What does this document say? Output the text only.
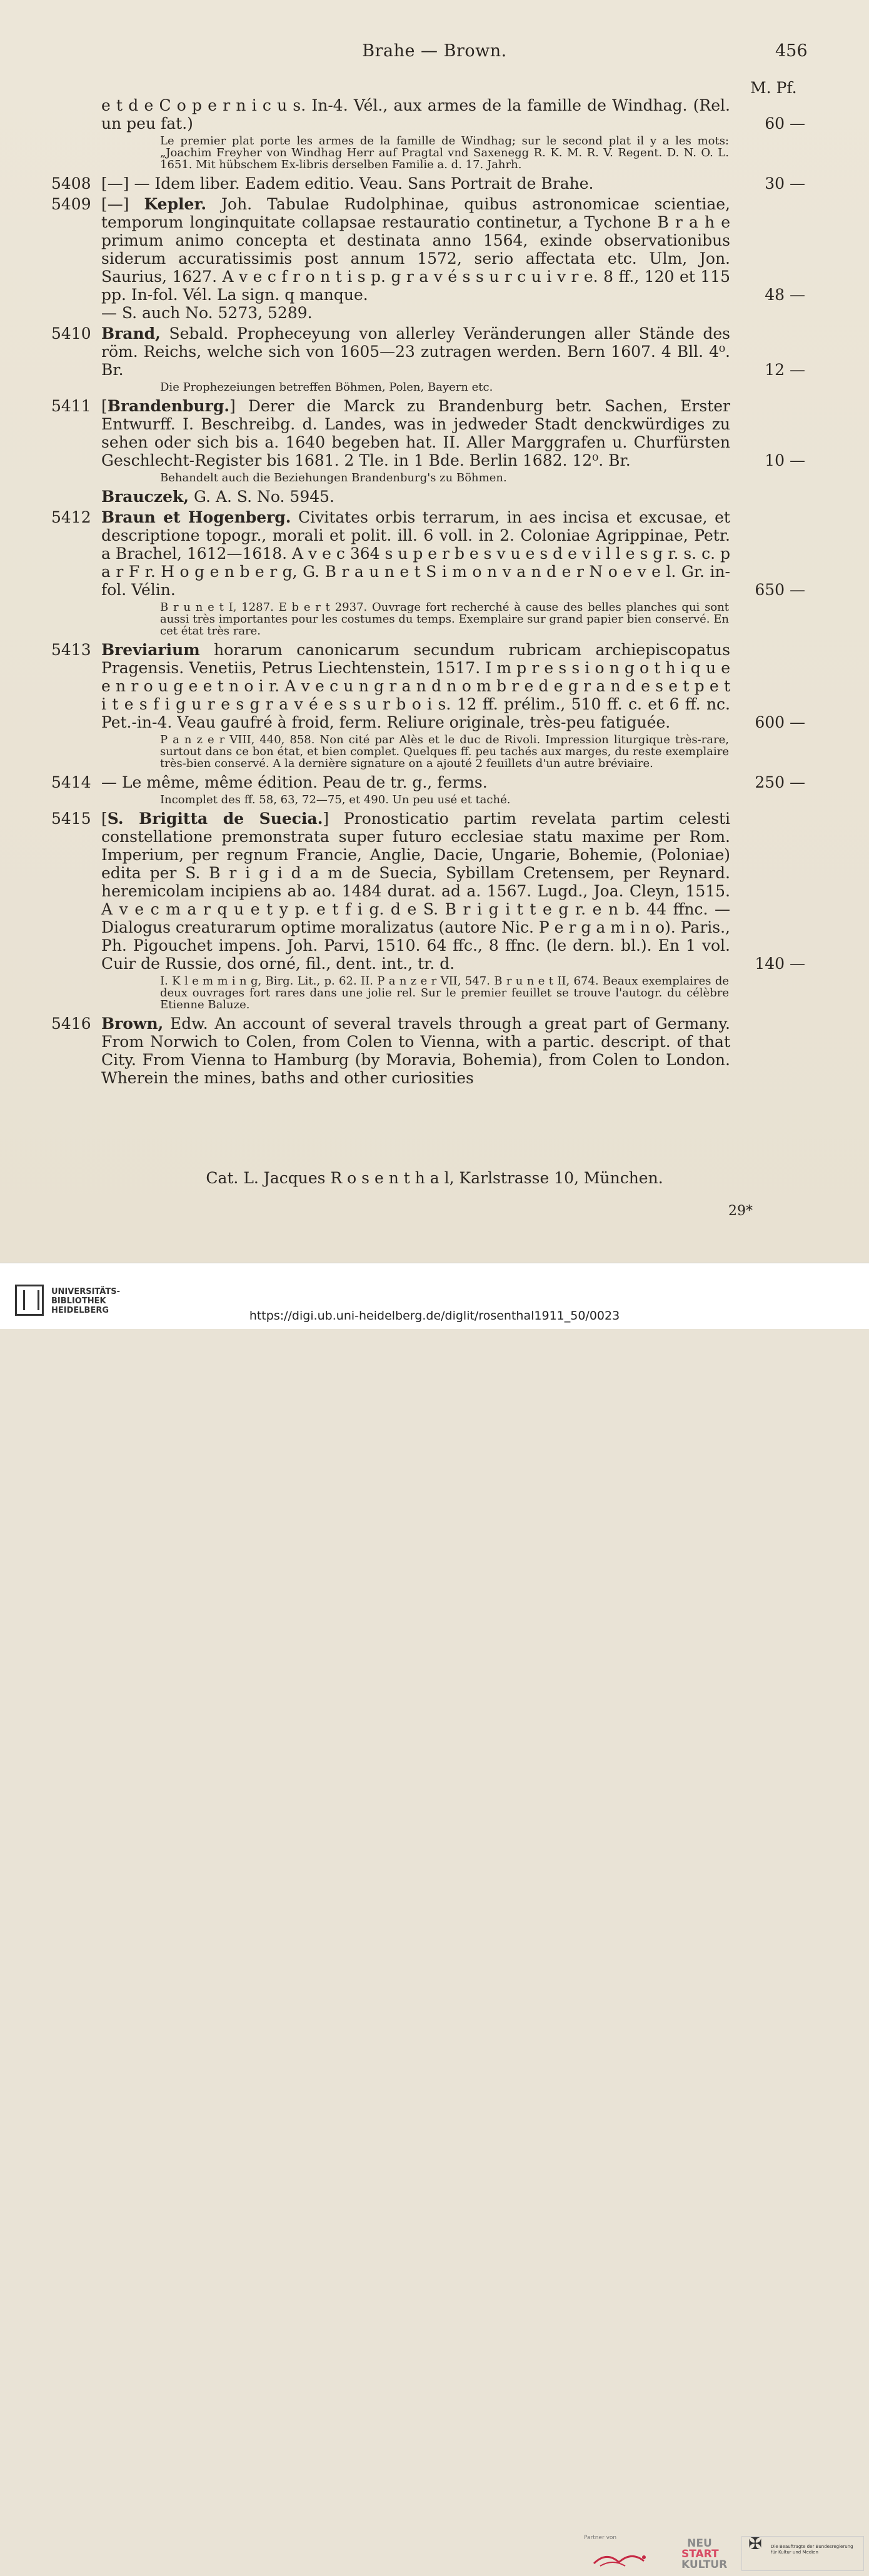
Brahe — Brown.	456
M. Pf.
e t d e C o p e r n i c u s. In-4. Vél., aux armes de la famille de Windhag. (Rel. un peu fat.)	60 —
Le premier plat porte les armes de la famille de Windhag; sur le second plat il y a les mots: „Joachim Freyher von Windhag Herr auf Pragtal vnd Saxenegg R. K. M. R. V. Regent. D. N. O. L. 1651. Mit hübschem Ex-libris derselben Familie a. d. 17. Jahrh.
5408 [—] — Idem liber. Eadem editio. Veau. Sans Portrait de Brahe.	30 —
5409 [—] Kepler. Joh. Tabulae Rudolphinae, quibus astronomicae scientiae, temporum longinquitate collapsae restauratio continetur, a Tychone B r a h e primum animo concepta et destinata anno 1564, exinde observationibus siderum accuratissimis post annum 1572, serio affectata etc. Ulm, Jon. Saurius, 1627. A v e c f r o n t i s p. g r a v é s s u r c u i v r e. 8 ff., 120 et 115 pp. In-fol. Vél. La sign. q manque.	48 —
— S. auch No. 5273, 5289.
5410 Brand, Sebald. Propheceyung von allerley Veränderungen aller Stände des röm. Reichs, welche sich von 1605—23 zutragen werden. Bern 1607. 4 Bll. 4⁰. Br.	12 —
Die Prophezeiungen betreffen Böhmen, Polen, Bayern etc.
5411 [Brandenburg.] Derer die Marck zu Brandenburg betr. Sachen, Erster Entwurff. I. Beschreibg. d. Landes, was in jedweder Stadt denckwürdiges zu sehen oder sich bis a. 1640 begeben hat. II. Aller Marggrafen u. Churfürsten Geschlecht-Register bis 1681. 2 Tle. in 1 Bde. Berlin 1682. 12⁰. Br.	10 —
Behandelt auch die Beziehungen Brandenburg's zu Böhmen.
Brauczek, G. A. S. No. 5945.
5412 Braun et Hogenberg. Civitates orbis terrarum, in aes incisa et excusae, et descriptione topogr., morali et polit. ill. 6 voll. in 2. Coloniae Agrippinae, Petr. a Brachel, 1612—1618. A v e c 364 s u p e r b e s v u e s d e v i l l e s g r. s. c. p a r F r. H o g e n b e r g, G. B r a u n e t S i m o n v a n d e r N o e v e l. Gr. in-fol. Vélin.	650 —
B r u n e t I, 1287. E b e r t 2937. Ouvrage fort recherché à cause des belles planches qui sont aussi très importantes pour les costumes du temps. Exemplaire sur grand papier bien conservé. En cet état très rare.
5413 Breviarium horarum canonicarum secundum rubricam archiepiscopatus Pragensis. Venetiis, Petrus Liechtenstein, 1517. I m p r e s s i o n g o t h i q u e e n r o u g e e t n o i r. A v e c u n g r a n d n o m b r e d e g r a n d e s e t p e t i t e s f i g u r e s g r a v é e s s u r b o i s. 12 ff. prélim., 510 ff. c. et 6 ff. nc. Pet.-in-4. Veau gaufré à froid, ferm. Reliure originale, très-peu fatiguée.	600 —
P a n z e r VIII, 440, 858. Non cité par Alès et le duc de Rivoli. Impression liturgique très-rare, surtout dans ce bon état, et bien complet. Quelques ff. peu tachés aux marges, du reste exemplaire très-bien conservé. A la dernière signature on a ajouté 2 feuillets d'un autre bréviaire.
5414 — Le même, même édition. Peau de tr. g., ferms.	250 —
Incomplet des ff. 58, 63, 72—75, et 490. Un peu usé et taché.
5415 [S. Brigitta de Suecia.] Pronosticatio partim revelata partim celesti constellatione premonstrata super futuro ecclesiae statu maxime per Rom. Imperium, per regnum Francie, Anglie, Dacie, Ungarie, Bohemie, (Poloniae) edita per S. B r i g i d a m de Suecia, Sybillam Cretensem, per Reynard. heremicolam incipiens ab ao. 1484 durat. ad a. 1567. Lugd., Joa. Cleyn, 1515. A v e c m a r q u e t y p. e t f i g. d e S. B r i g i t t e g r. e n b. 44 ffnc. — Dialogus creaturarum optime moralizatus (autore Nic. P e r g a m i n o). Paris., Ph. Pigouchet impens. Joh. Parvi, 1510. 64 ffc., 8 ffnc. (le dern. bl.). En 1 vol. Cuir de Russie, dos orné, fil., dent. int., tr. d.	140 —
I. K l e m m i n g, Birg. Lit., p. 62. II. P a n z e r VII, 547. B r u n e t II, 674. Beaux exemplaires de deux ouvrages fort rares dans une jolie rel. Sur le premier feuillet se trouve l'autogr. du célèbre Etienne Baluze.
5416 Brown, Edw. An account of several travels through a great part of Germany. From Norwich to Colen, from Colen to Vienna, with a partic. descript. of that City. From Vienna to Hamburg (by Moravia, Bohemia), from Colen to London. Wherein the mines, baths and other curiosities
Cat. L. Jacques R o s e n t h a l, Karlstrasse 10, München.
29*
UNIVERSITÄTS-
BIBLIOTHEK
HEIDELBERG
Partner von	NEU
START
KULTUR
✠ Die Beauftragte der Bundesregierung für Kultur und Medien
https://digi.ub.uni-heidelberg.de/diglit/rosenthal1911_50/0023
